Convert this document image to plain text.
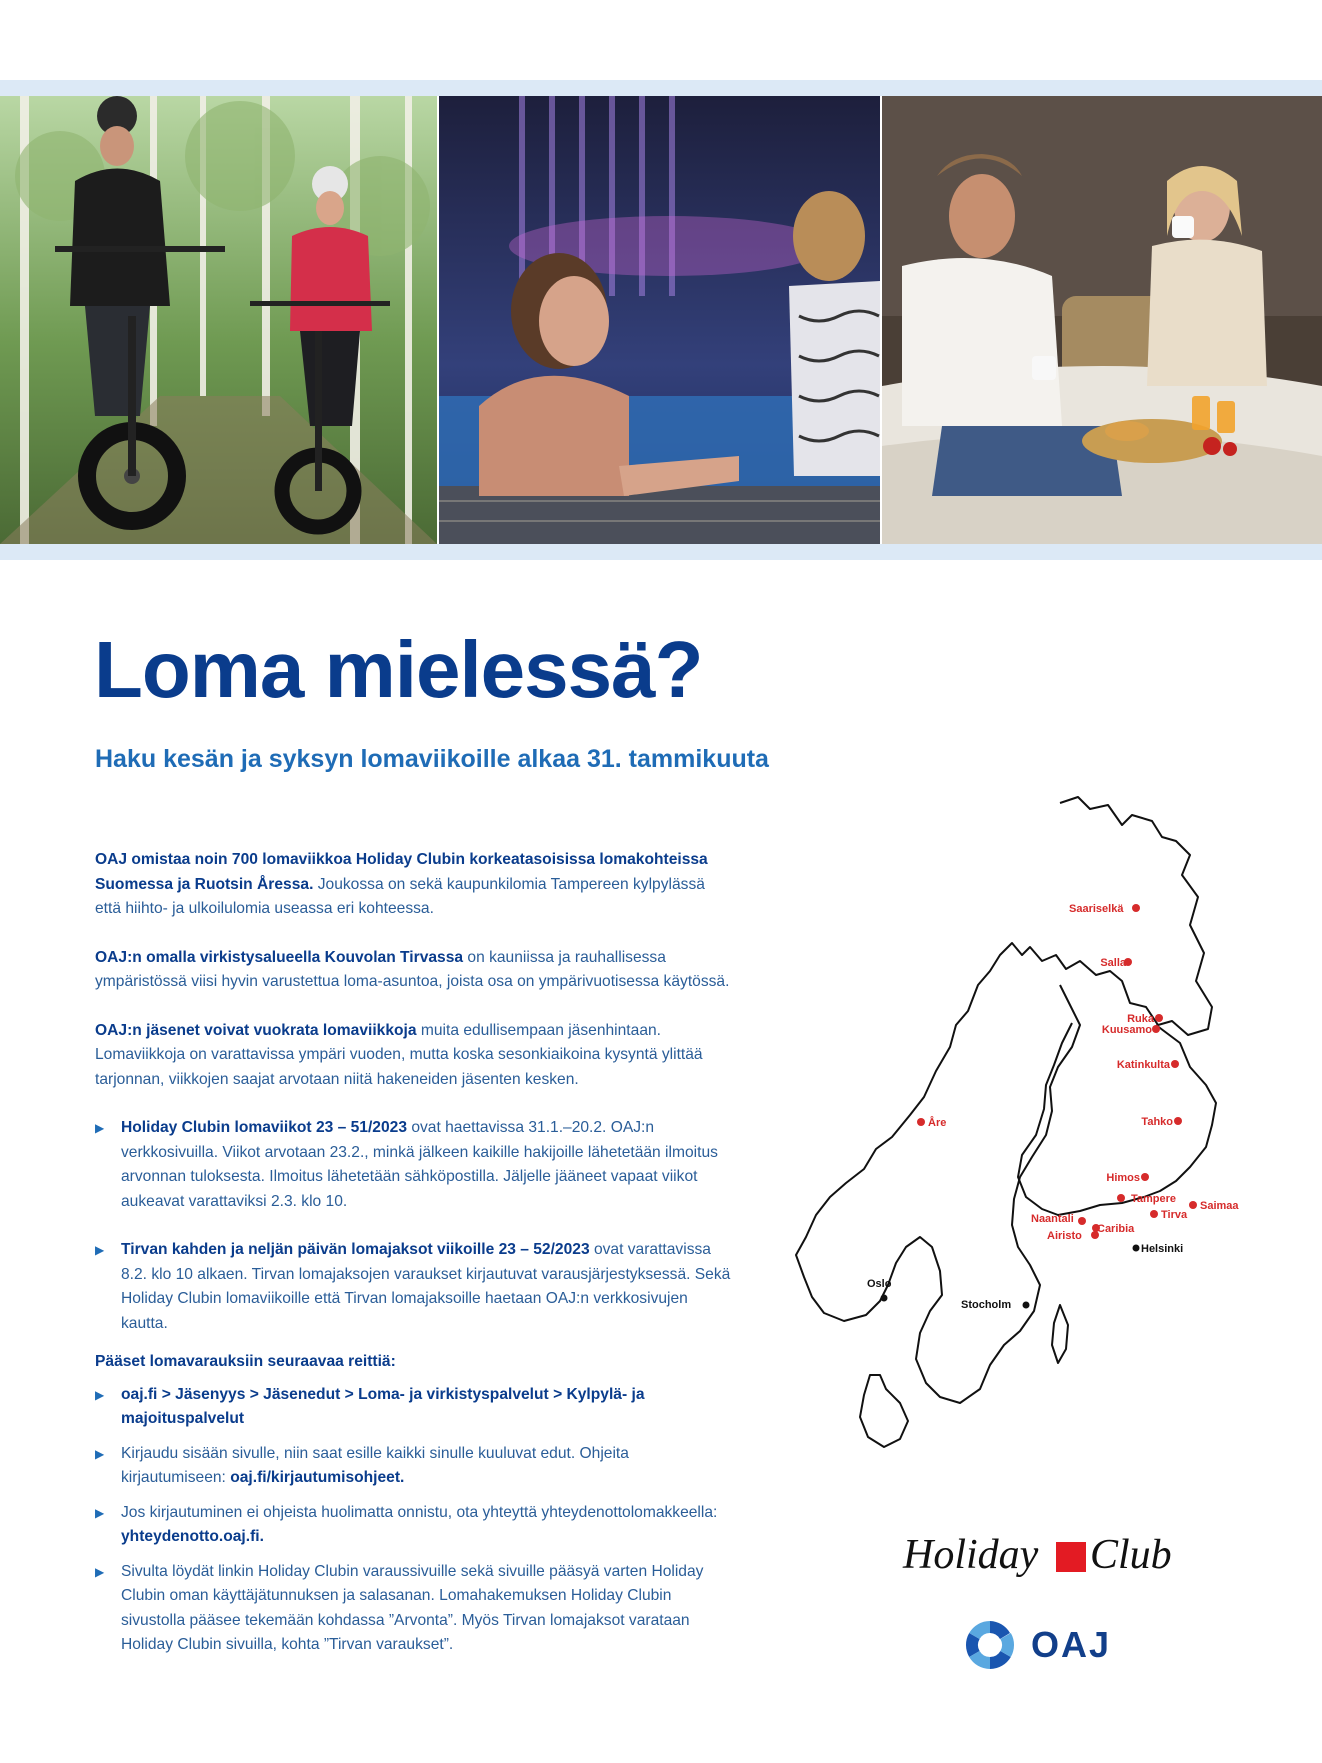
Loma mielessä?
Haku kesän ja syksyn lomaviikoille alkaa 31. tammikuuta

OAJ omistaa noin 700 lomaviikkoa Holiday Clubin korkeatasoisissa lomakohteissa Suomessa ja Ruotsin Åressa. Joukossa on sekä kaupunkilomia Tampereen kylpylässä että hiihto- ja ulkoilulomia useassa eri kohteessa.

OAJ:n omalla virkistysalueella Kouvolan Tirvassa on kauniissa ja rauhallisessa ympäristössä viisi hyvin varustettua loma-asuntoa, joista osa on ympärivuotisessa käytössä.

OAJ:n jäsenet voivat vuokrata lomaviikkoja muita edullisempaan jäsenhintaan. Lomaviikkoja on varattavissa ympäri vuoden, mutta koska sesonkiaikoina kysyntä ylittää tarjonnan, viikkojen saajat arvotaan niitä hakeneiden jäsenten kesken.

▶ Holiday Clubin lomaviikot 23 – 51/2023 ovat haettavissa 31.1.–20.2. OAJ:n verkkosivuilla. Viikot arvotaan 23.2., minkä jälkeen kaikille hakijoille lähetetään ilmoitus arvonnan tuloksesta. Ilmoitus lähetetään sähköpostilla. Jäljelle jääneet vapaat viikot aukeavat varattaviksi 2.3. klo 10.
▶ Tirvan kahden ja neljän päivän lomajaksot viikoille 23 – 52/2023 ovat varattavissa 8.2. klo 10 alkaen. Tirvan lomajaksojen varaukset kirjautuvat varausjärjestyksessä. Sekä Holiday Clubin lomaviikoille että Tirvan lomajaksoille haetaan OAJ:n verkkosivujen kautta.
Pääset lomavarauksiin seuraavaa reittiä:
▶ oaj.fi > Jäsenyys > Jäsenedut > Loma- ja virkistyspalvelut > Kylpylä- ja majoituspalvelut
▶ Kirjaudu sisään sivulle, niin saat esille kaikki sinulle kuuluvat edut. Ohjeita kirjautumiseen: oaj.fi/kirjautumisohjeet.
▶ Jos kirjautuminen ei ohjeista huolimatta onnistu, ota yhteyttä yhteydenottolomakkeella: yhteydenotto.oaj.fi.
▶ Sivulta löydät linkin Holiday Clubin varaussivuille sekä sivuille pääsyä varten Holiday Clubin oman käyttäjätunnuksen ja salasanan. Lomahakemuksen Holiday Clubin sivustolla pääsee tekemään kohdassa ”Arvonta”. Myös Tirvan lomajaksot varataan Holiday Clubin sivuilla, kohta ”Tirvan varaukset”.
Saariselkä
Salla
Ruka
Kuusamo
Katinkulta
Tahko
Åre
Himos
Tampere
Saimaa
Tirva
Naantali
Caribia
Airisto
Helsinki
Oslo
Stocholm
Holiday Club
OAJ
